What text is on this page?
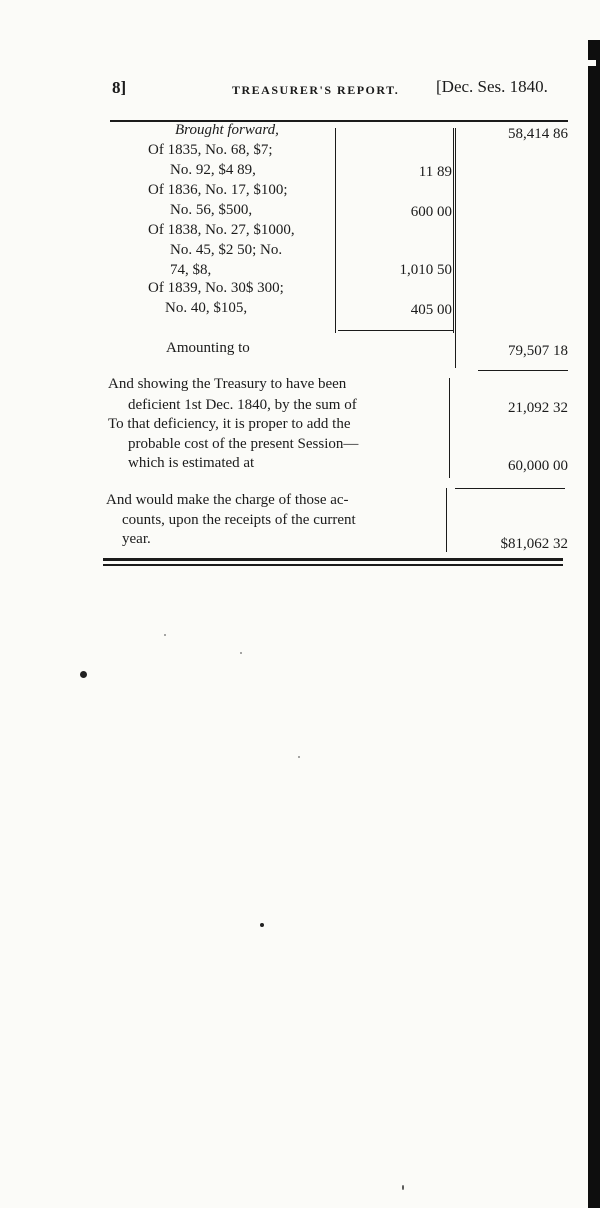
8]	TREASURER'S REPORT. [Dec. Ses. 1840.
Brought forward,	58,414 86
Of 1835, No. 68, $7;
No. 92, $4 89,	11 89
Of 1836, No. 17, $100;
No. 56, $500,	600 00
Of 1838, No. 27, $1000,
No. 45, $2 50; No.
74, $8,	1,010 50
Of 1839, No. 30$ 300;
No. 40, $105,	405 00
Amounting to	79,507 18
And showing the Treasury to have been
deficient 1st Dec. 1840, by the sum of	21,092 32
To that deficiency, it is proper to add the
probable cost of the present Session—
which is estimated at	60,000 00
And would make the charge of those ac-
counts, upon the receipts of the current
year.	$81,062 32
